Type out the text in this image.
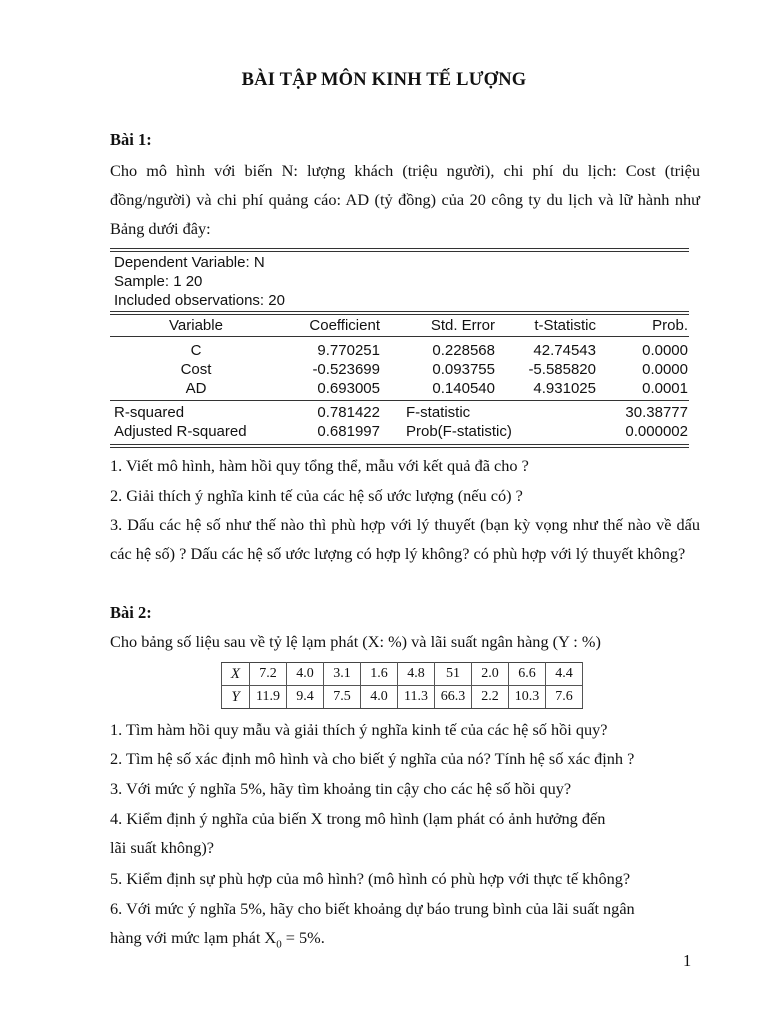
BÀI TẬP MÔN KINH TẾ LƯỢNG
Bài 1:
Cho mô hình với biến N: lượng khách (triệu người), chi phí du lịch: Cost (triệu đồng/người) và chi phí quảng cáo: AD (tỷ đồng) của 20 công ty du lịch và lữ hành như Bảng dưới đây:
Dependent Variable: N
Sample: 1 20
Included observations: 20
Variable	Coefficient	Std. Error	t-Statistic	Prob.
C	9.770251	0.228568	42.74543	0.0000
Cost	-0.523699	0.093755	-5.585820	0.0000
AD	0.693005	0.140540	4.931025	0.0001
R-squared	0.781422 F-statistic	30.38777
Adjusted R-squared	0.681997 Prob(F-statistic)	0.000002
1. Viết mô hình, hàm hồi quy tổng thể, mẫu với kết quả đã cho ?
2. Giải thích ý nghĩa kinh tế của các hệ số ước lượng (nếu có) ?
3. Dấu các hệ số như thế nào thì phù hợp với lý thuyết (bạn kỳ vọng như thế nào về dấu các hệ số) ? Dấu các hệ số ước lượng có hợp lý không? có phù hợp với lý thuyết không?
Bài 2:
Cho bảng số liệu sau về tỷ lệ lạm phát (X: %) và lãi suất ngân hàng (Y : %)
X	7.2	4.0	3.1	1.6	4.8	51	2.0	6.6	4.4
Y	11.9	9.4	7.5	4.0	11.3	66.3	2.2	10.3	7.6
1. Tìm hàm hồi quy mẫu và giải thích ý nghĩa kinh tế của các hệ số hồi quy?
2. Tìm hệ số xác định mô hình và cho biết ý nghĩa của nó? Tính hệ số xác định ?
3. Với mức ý nghĩa 5%, hãy tìm khoảng tin cậy cho các hệ số hồi quy?
4. Kiểm định ý nghĩa của biến X trong mô hình (lạm phát có ảnh hưởng đến
lãi suất không)?
5. Kiểm định sự phù hợp của mô hình? (mô hình có phù hợp với thực tế không?
6. Với mức ý nghĩa 5%, hãy cho biết khoảng dự báo trung bình của lãi suất ngân
hàng với mức lạm phát $X_0 = 5\%$.
1
